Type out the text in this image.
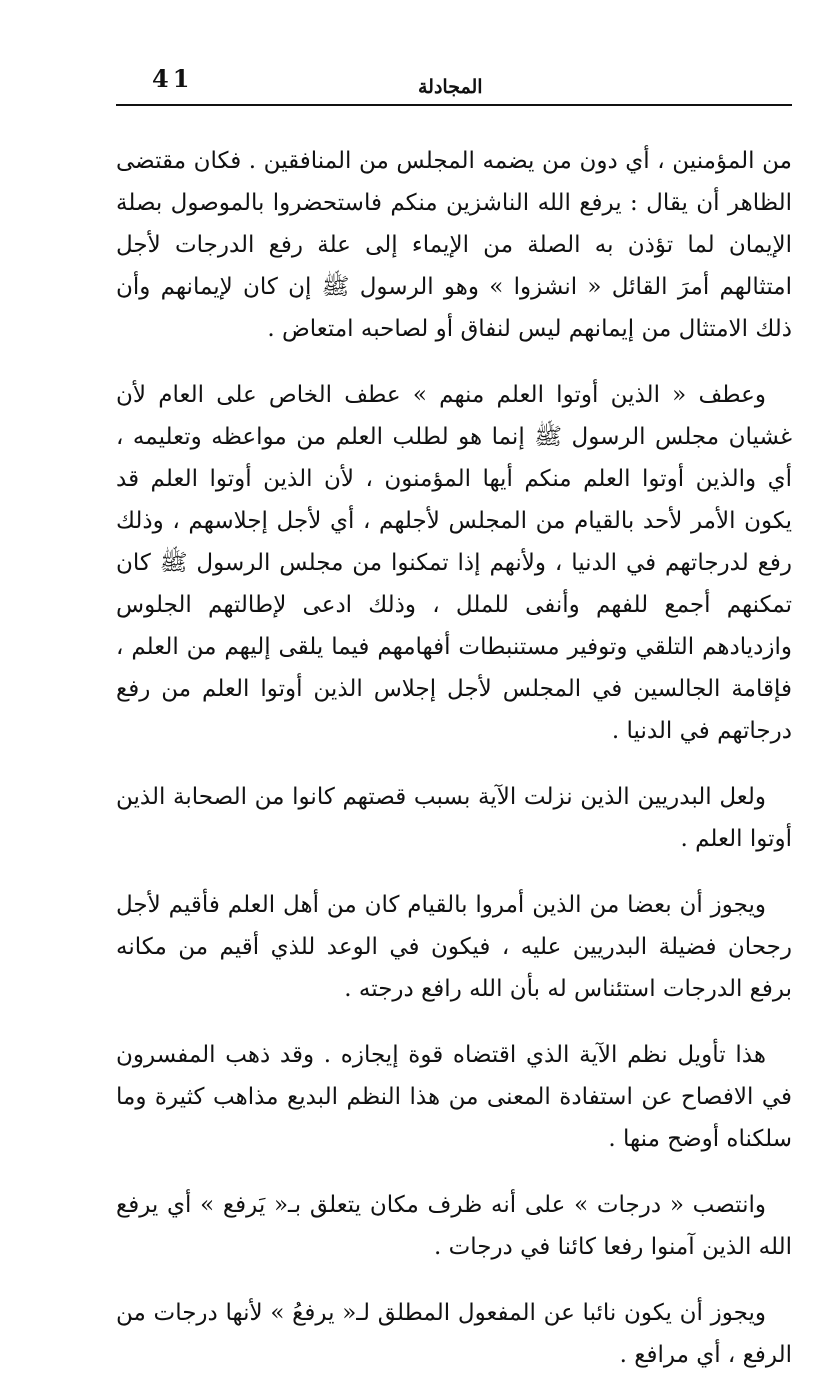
41	المجادلة

من المؤمنين ، أي دون من يضمه المجلس من المنافقين . فكان مقتضى الظاهر أن يقال : يرفع الله الناشزين منكم فاستحضروا بالموصول بصلة الإيمان لما تؤذن به الصلة من الإيماء إلى علة رفع الدرجات لأجل امتثالهم أمرَ القائل « انشزوا » وهو الرسول ﷺ إن كان لإيمانهم وأن ذلك الامتثال من إيمانهم ليس لنفاق أو لصاحبه امتعاض .

وعطف « الذين أوتوا العلم منهم » عطف الخاص على العام لأن غشيان مجلس الرسول ﷺ إنما هو لطلب العلم من مواعظه وتعليمه ، أي والذين أوتوا العلم منكم أيها المؤمنون ، لأن الذين أوتوا العلم قد يكون الأمر لأحد بالقيام من المجلس لأجلهم ، أي لأجل إجلاسهم ، وذلك رفع لدرجاتهم في الدنيا ، ولأنهم إذا تمكنوا من مجلس الرسول ﷺ كان تمكنهم أجمع للفهم وأنفى للملل ، وذلك ادعى لإطالتهم الجلوس وازديادهم التلقي وتوفير مستنبطات أفهامهم فيما يلقى إليهم من العلم ، فإقامة الجالسين في المجلس لأجل إجلاس الذين أوتوا العلم من رفع درجاتهم في الدنيا .

ولعل البدريين الذين نزلت الآية بسبب قصتهم كانوا من الصحابة الذين أوتوا العلم .

ويجوز أن بعضا من الذين أمروا بالقيام كان من أهل العلم فأقيم لأجل رجحان فضيلة البدريين عليه ، فيكون في الوعد للذي أقيم من مكانه برفع الدرجات استئناس له بأن الله رافع درجته .

هذا تأويل نظم الآية الذي اقتضاه قوة إيجازه . وقد ذهب المفسرون في الافصاح عن استفادة المعنى من هذا النظم البديع مذاهب كثيرة وما سلكناه أوضح منها .

وانتصب « درجات » على أنه ظرف مكان يتعلق بـ« يَرفع » أي يرفع الله الذين آمنوا رفعا كائنا في درجات .

ويجوز أن يكون نائبا عن المفعول المطلق لـ« يرفعُ » لأنها درجات من الرفع ، أي مرافع .
